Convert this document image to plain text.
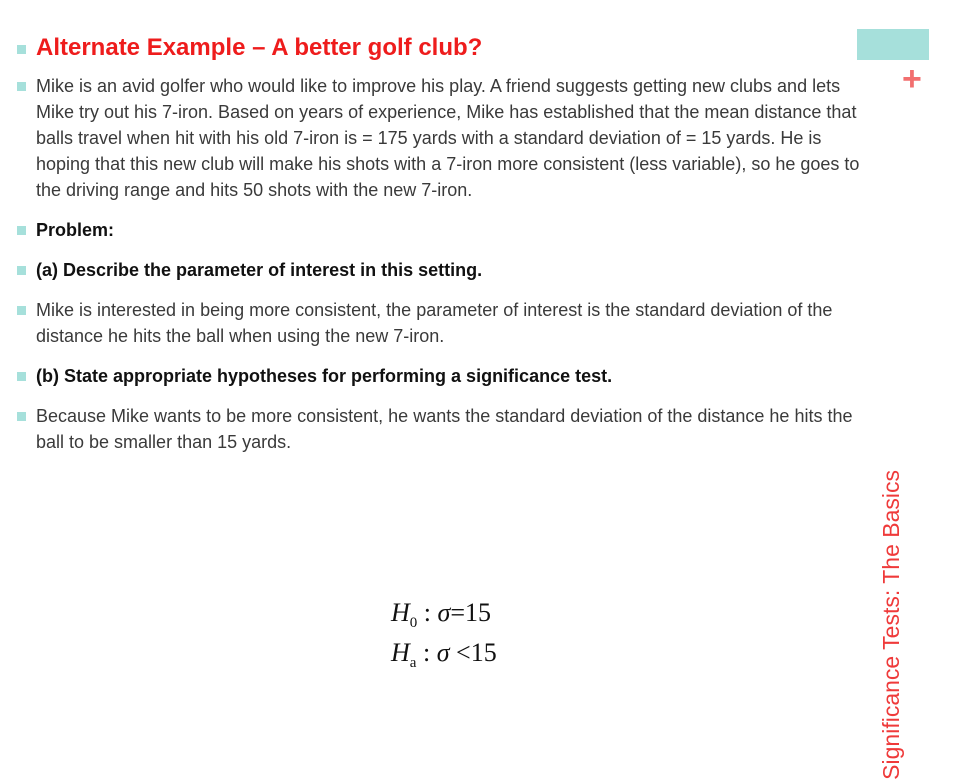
+
Significance Tests: The Basics
Alternate Example – A better golf club?
Mike is an avid golfer who would like to improve his play. A friend suggests getting new clubs and lets Mike try out his 7-iron. Based on years of experience, Mike has established that the mean distance that balls travel when hit with his old 7-iron is = 175 yards with a standard deviation of = 15 yards. He is hoping that this new club will make his shots with a 7-iron more consistent (less variable), so he goes to the driving range and hits 50 shots with the new 7-iron.
Problem:
(a) Describe the parameter of interest in this setting.
Mike is interested in being more consistent, the parameter of interest is the standard deviation of the distance he hits the ball when using the new 7-iron.
(b) State appropriate hypotheses for performing a significance test.
Because Mike wants to be more consistent, he wants the standard deviation of the distance he hits the ball to be smaller than 15 yards.
$H_0$ : σ=15
$H_a$ : σ <15
